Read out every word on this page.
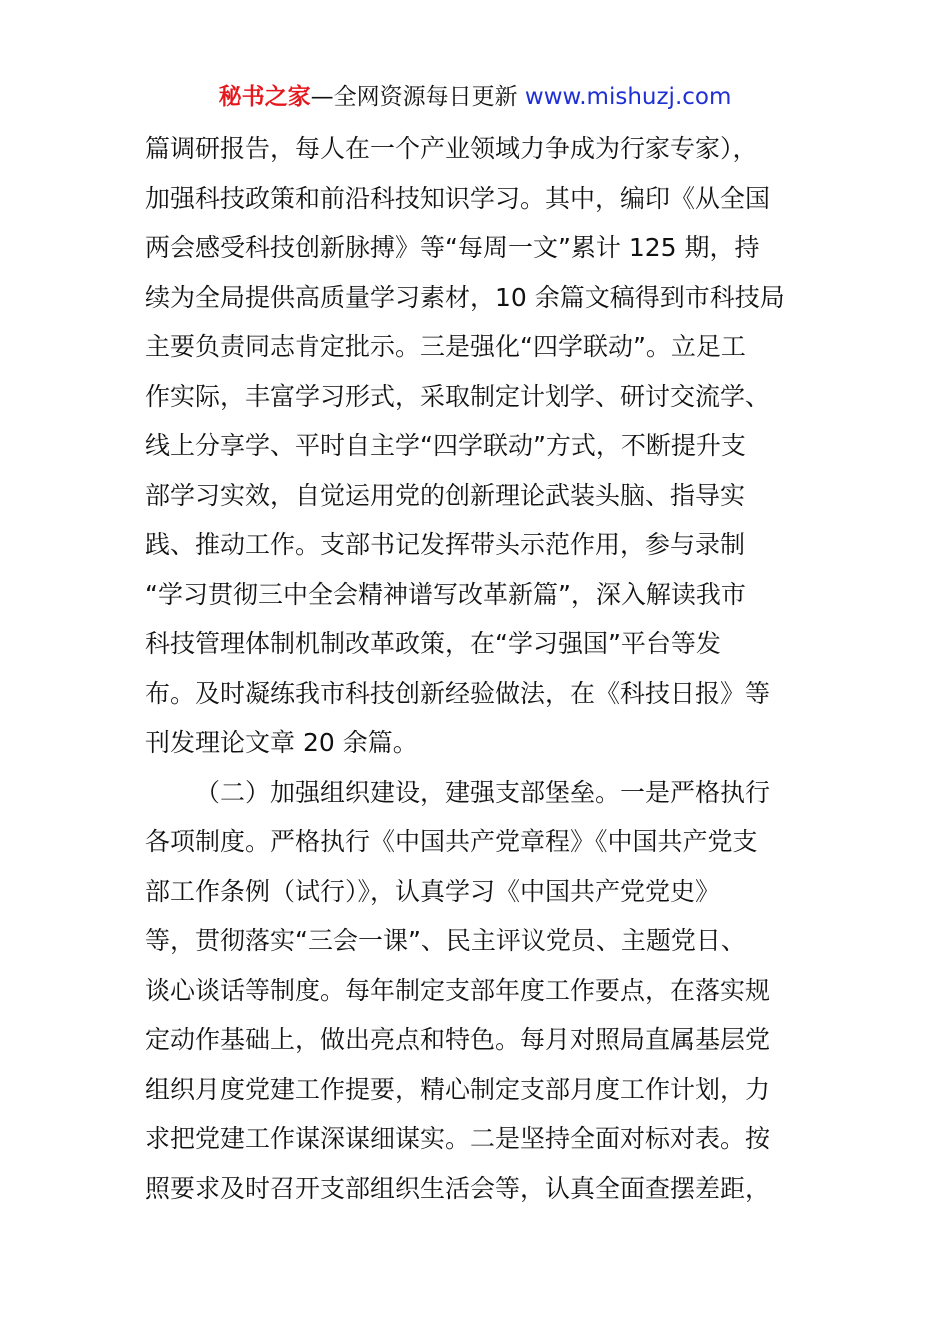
秘书之家—全网资源每日更新 www.mishuzj.com
篇调研报告，每人在一个产业领域力争成为行家专家），
加强科技政策和前沿科技知识学习。其中，编印《从全国
两会感受科技创新脉搏》等“每周一文”累计 125 期，持
续为全局提供高质量学习素材，10 余篇文稿得到市科技局
主要负责同志肯定批示。三是强化“四学联动”。立足工
作实际，丰富学习形式，采取制定计划学、研讨交流学、
线上分享学、平时自主学“四学联动”方式，不断提升支
部学习实效，自觉运用党的创新理论武装头脑、指导实
践、推动工作。支部书记发挥带头示范作用，参与录制
“学习贯彻三中全会精神谱写改革新篇”，深入解读我市
科技管理体制机制改革政策，在“学习强国”平台等发
布。及时凝练我市科技创新经验做法，在《科技日报》等
刊发理论文章 20 余篇。
（二）加强组织建设，建强支部堡垒。一是严格执行
各项制度。严格执行《中国共产党章程》《中国共产党支
部工作条例（试行）》，认真学习《中国共产党党史》
等，贯彻落实“三会一课”、民主评议党员、主题党日、
谈心谈话等制度。每年制定支部年度工作要点，在落实规
定动作基础上，做出亮点和特色。每月对照局直属基层党
组织月度党建工作提要，精心制定支部月度工作计划，力
求把党建工作谋深谋细谋实。二是坚持全面对标对表。按
照要求及时召开支部组织生活会等，认真全面查摆差距，
